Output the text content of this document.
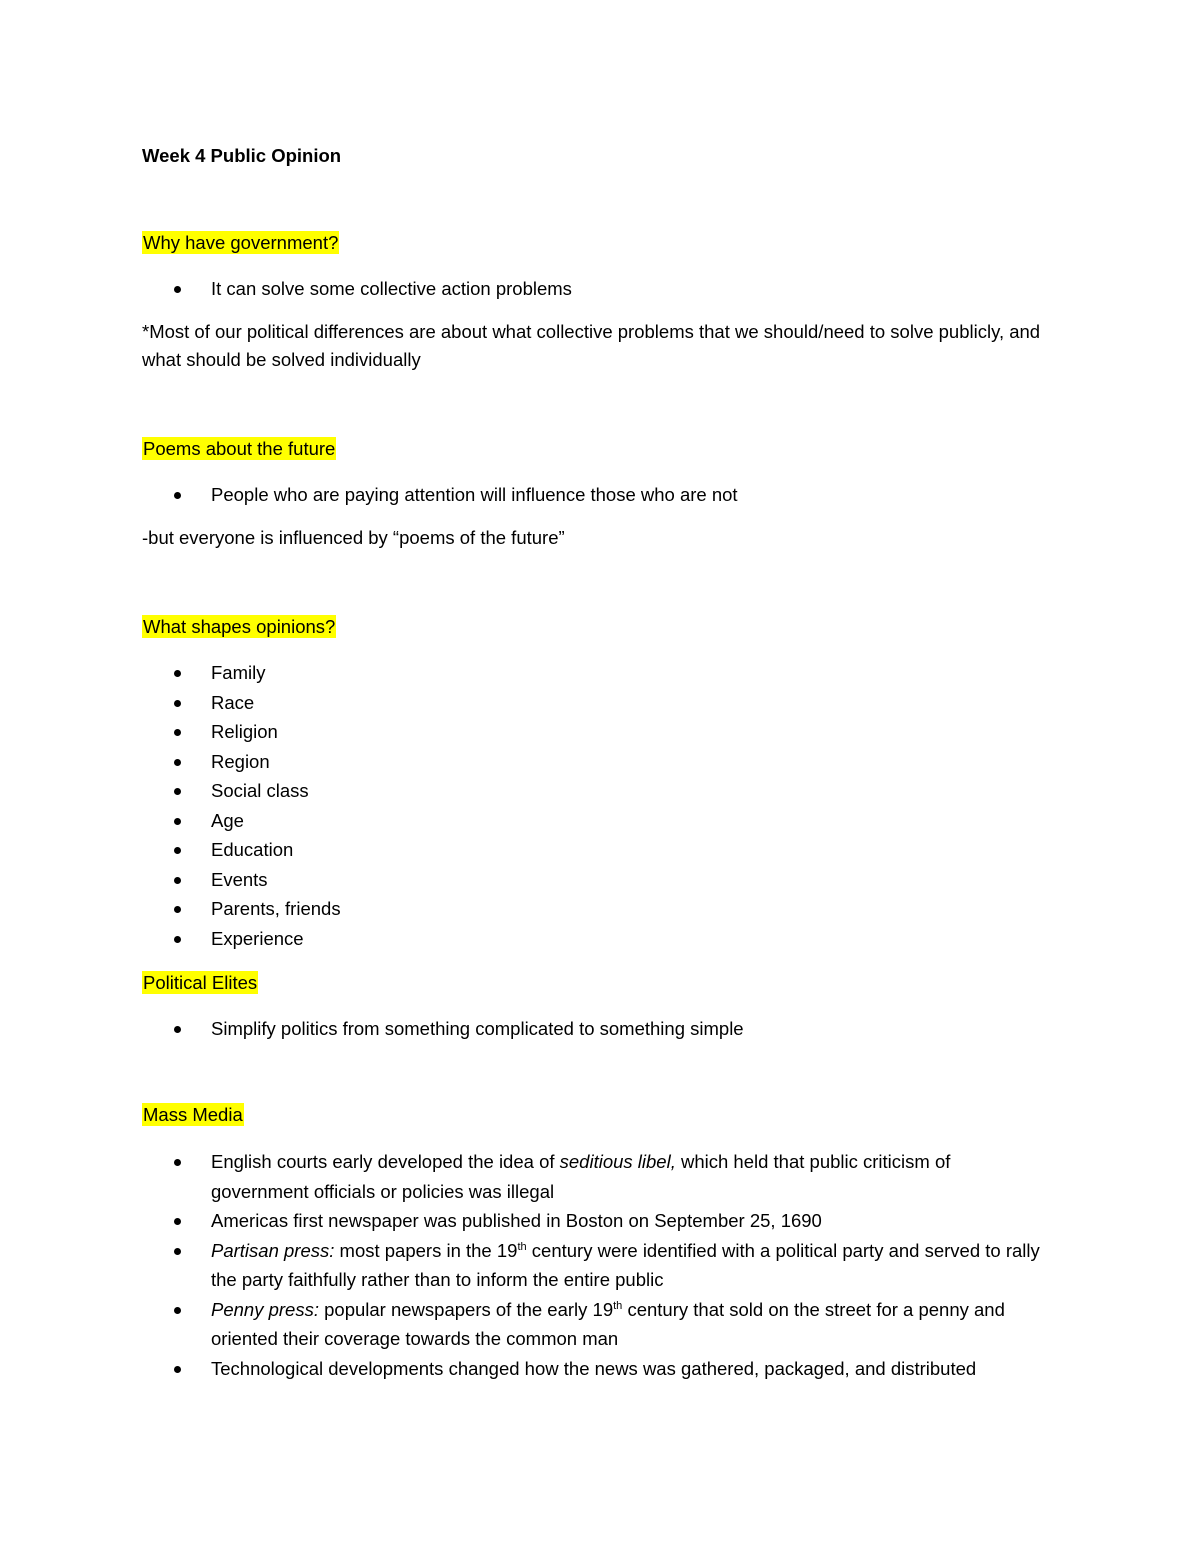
Week 4 Public Opinion
Why have government?
It can solve some collective action problems
*Most of our political differences are about what collective problems that we should/need to solve publicly, and what should be solved individually
Poems about the future
People who are paying attention will influence those who are not
-but everyone is influenced by “poems of the future”
What shapes opinions?
Family
Race
Religion
Region
Social class
Age
Education
Events
Parents, friends
Experience
Political Elites
Simplify politics from something complicated to something simple
Mass Media
English courts early developed the idea of seditious libel, which held that public criticism of government officials or policies was illegal
Americas first newspaper was published in Boston on September 25, 1690
Partisan press: most papers in the 19th century were identified with a political party and served to rally the party faithfully rather than to inform the entire public
Penny press: popular newspapers of the early 19th century that sold on the street for a penny and oriented their coverage towards the common man
Technological developments changed how the news was gathered, packaged, and distributed
